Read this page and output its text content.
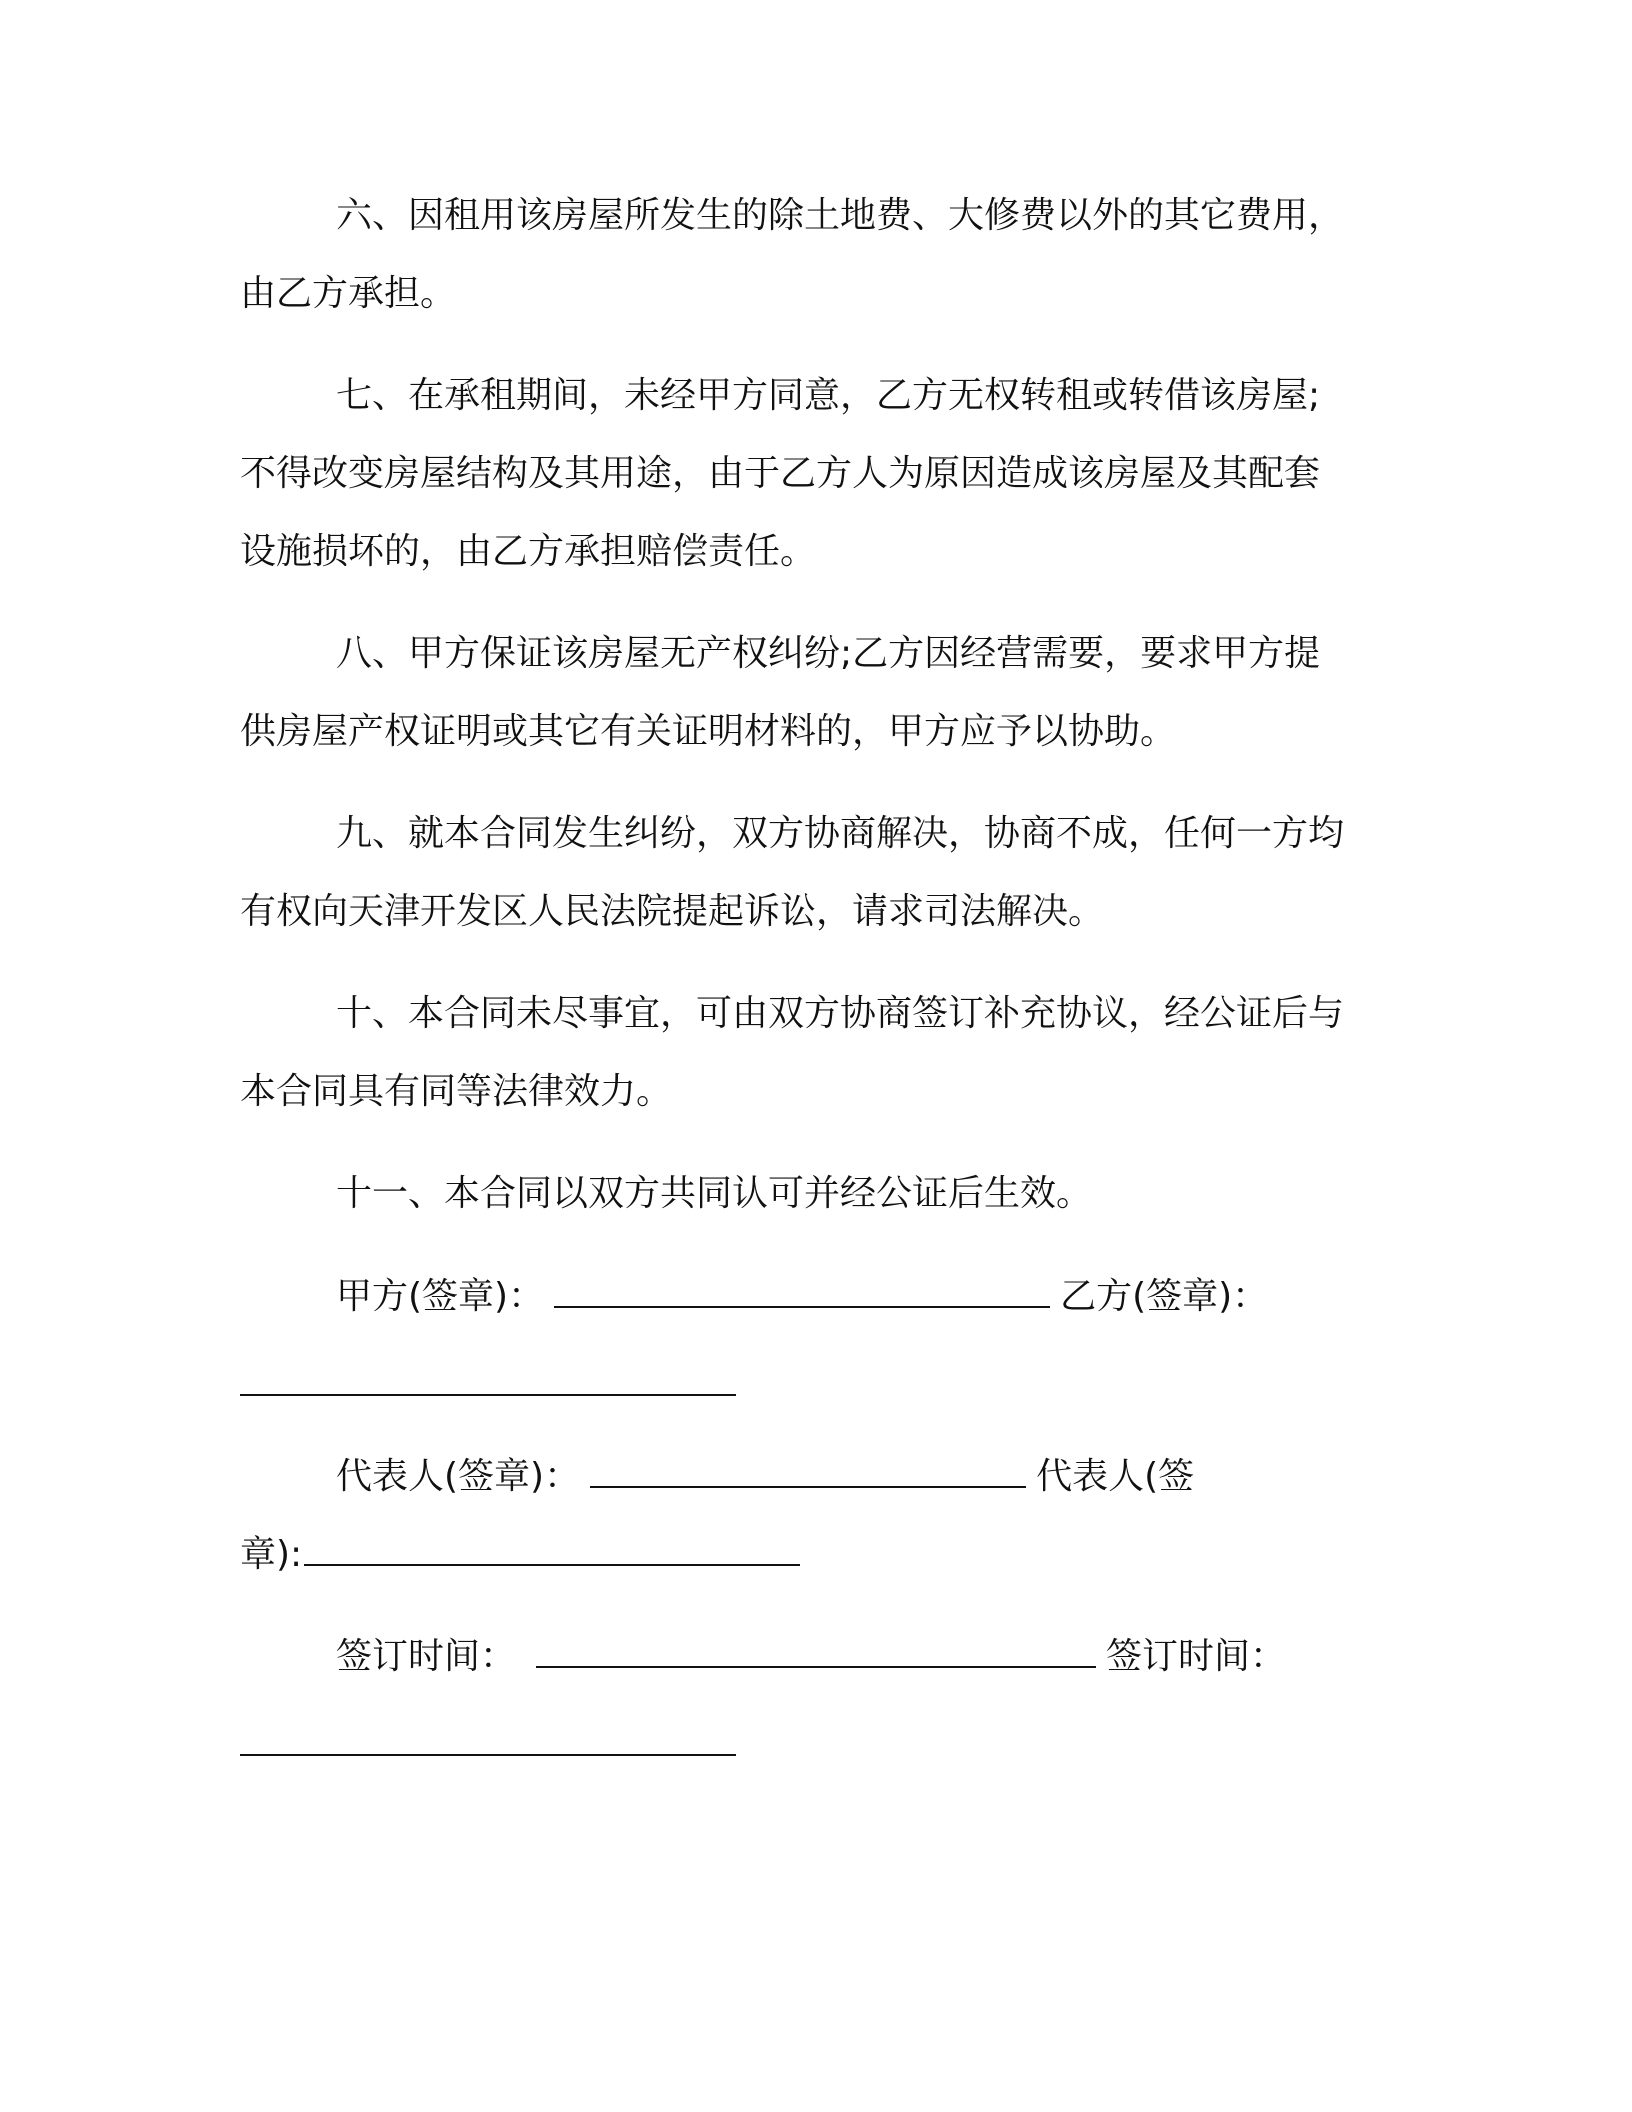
六、因租用该房屋所发生的除土地费、大修费以外的其它费用，
由乙方承担。
七、在承租期间，未经甲方同意，乙方无权转租或转借该房屋;
不得改变房屋结构及其用途，由于乙方人为原因造成该房屋及其配套
设施损坏的，由乙方承担赔偿责任。
八、甲方保证该房屋无产权纠纷;乙方因经营需要，要求甲方提
供房屋产权证明或其它有关证明材料的，甲方应予以协助。
九、就本合同发生纠纷，双方协商解决，协商不成，任何一方均
有权向天津开发区人民法院提起诉讼，请求司法解决。
十、本合同未尽事宜，可由双方协商签订补充协议，经公证后与
本合同具有同等法律效力。
十一、本合同以双方共同认可并经公证后生效。
甲方(签章)：	乙方(签章)：
代表人(签章)：	代表人(签
章):
签订时间：	签订时间：
